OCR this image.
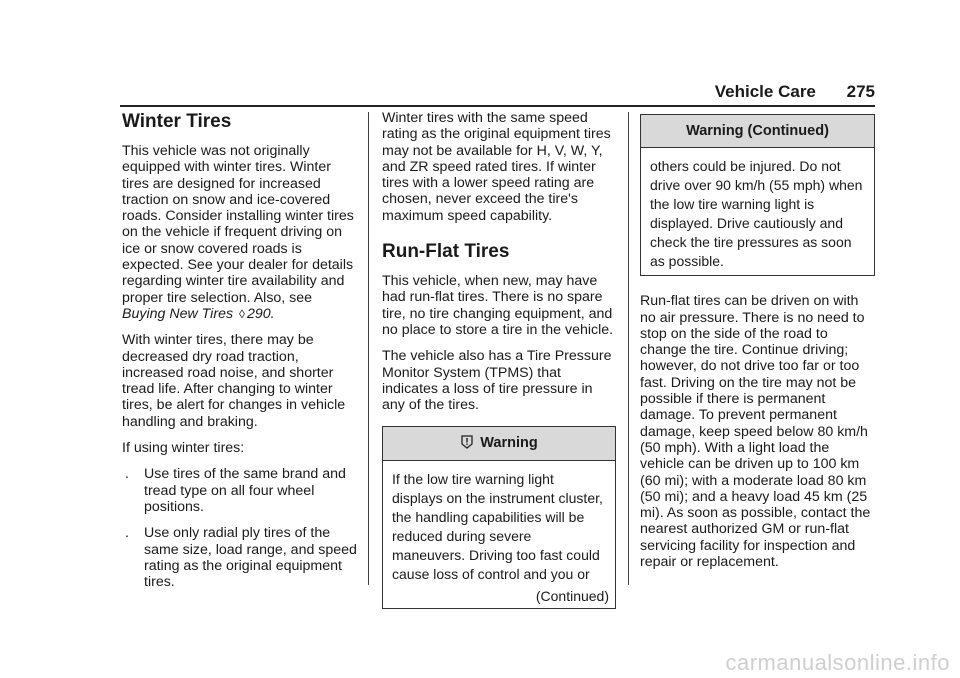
Vehicle Care 275
Winter Tires

This vehicle was not originally equipped with winter tires. Winter tires are designed for increased traction on snow and ice-covered roads. Consider installing winter tires on the vehicle if frequent driving on ice or snow covered roads is expected. See your dealer for details regarding winter tire availability and proper tire selection. Also, see Buying New Tires ◊ 290.

With winter tires, there may be decreased dry road traction, increased road noise, and shorter tread life. After changing to winter tires, be alert for changes in vehicle handling and braking.

If using winter tires:

. Use tires of the same brand and tread type on all four wheel positions.
. Use only radial ply tires of the same size, load range, and speed rating as the original equipment tires.

Winter tires with the same speed rating as the original equipment tires may not be available for H, V, W, Y, and ZR speed rated tires. If winter tires with a lower speed rating are chosen, never exceed the tire's maximum speed capability.

Run-Flat Tires

This vehicle, when new, may have had run-flat tires. There is no spare tire, no tire changing equipment, and no place to store a tire in the vehicle.

The vehicle also has a Tire Pressure Monitor System (TPMS) that indicates a loss of tire pressure in any of the tires.

Warning
If the low tire warning light displays on the instrument cluster, the handling capabilities will be reduced during severe maneuvers. Driving too fast could cause loss of control and you or
(Continued)
Warning (Continued)
others could be injured. Do not drive over 90 km/h (55 mph) when the low tire warning light is displayed. Drive cautiously and check the tire pressures as soon as possible.

Run-flat tires can be driven on with no air pressure. There is no need to stop on the side of the road to change the tire. Continue driving; however, do not drive too far or too fast. Driving on the tire may not be possible if there is permanent damage. To prevent permanent damage, keep speed below 80 km/h (50 mph). With a light load the vehicle can be driven up to 100 km (60 mi); with a moderate load 80 km (50 mi); and a heavy load 45 km (25 mi). As soon as possible, contact the nearest authorized GM or run-flat servicing facility for inspection and repair or replacement.

carmanualsonline.info
